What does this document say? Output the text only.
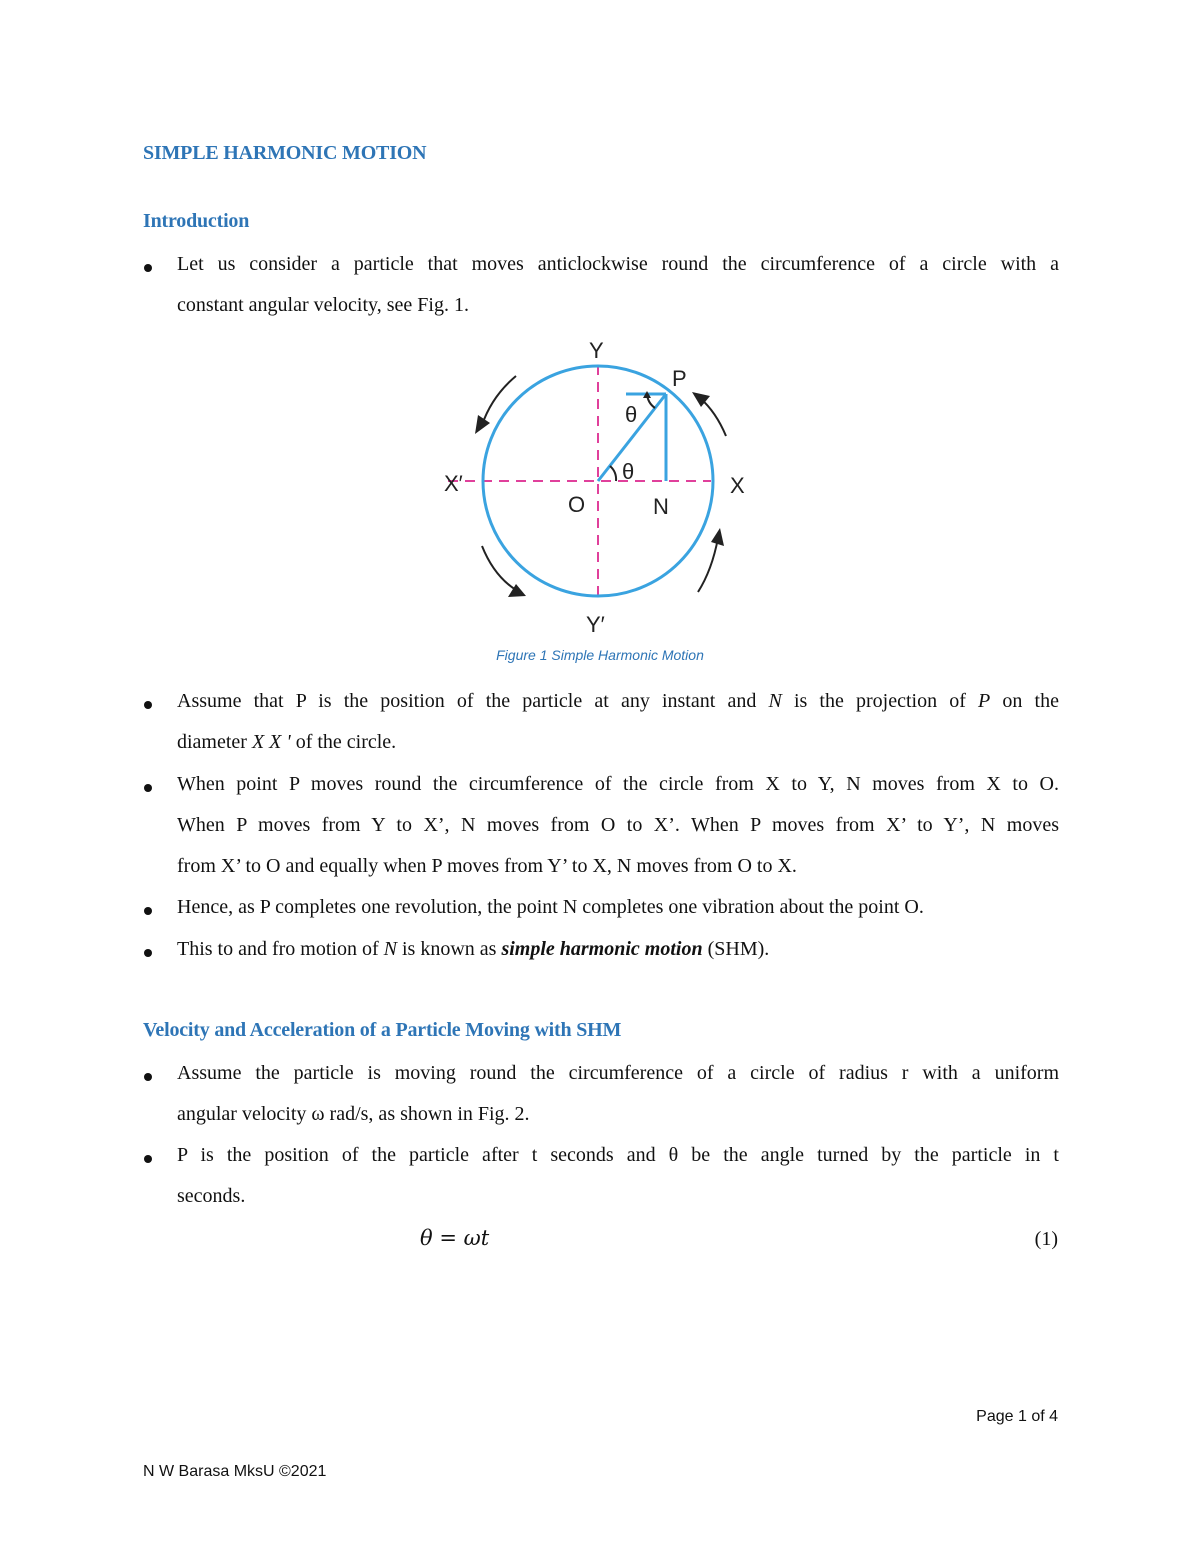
SIMPLE HARMONIC MOTION
Introduction
Let us consider a particle that moves anticlockwise round the circumference of a circle with a
constant angular velocity, see Fig. 1.
Y
Y′
X′	X
O	N
P
θ
θ
Figure 1 Simple Harmonic Motion
Assume that P is the position of the particle at any instant and N is the projection of P on the
diameter X X ' of the circle.
When point P moves round the circumference of the circle from X to Y, N moves from X to O.
When P moves from Y to X’, N moves from O to X’. When P moves from X’ to Y’, N moves
from X’ to O and equally when P moves from Y’ to X, N moves from O to X.
Hence, as P completes one revolution, the point N completes one vibration about the point O.
This to and fro motion of N is known as simple harmonic motion (SHM).
Velocity and Acceleration of a Particle Moving with SHM
Assume the particle is moving round the circumference of a circle of radius r with a uniform
angular velocity ω rad/s, as shown in Fig. 2.
P is the position of the particle after t seconds and θ be the angle turned by the particle in t
seconds.
θ = ωt	(1)
Page 1 of 4
N W Barasa MksU ©2021
